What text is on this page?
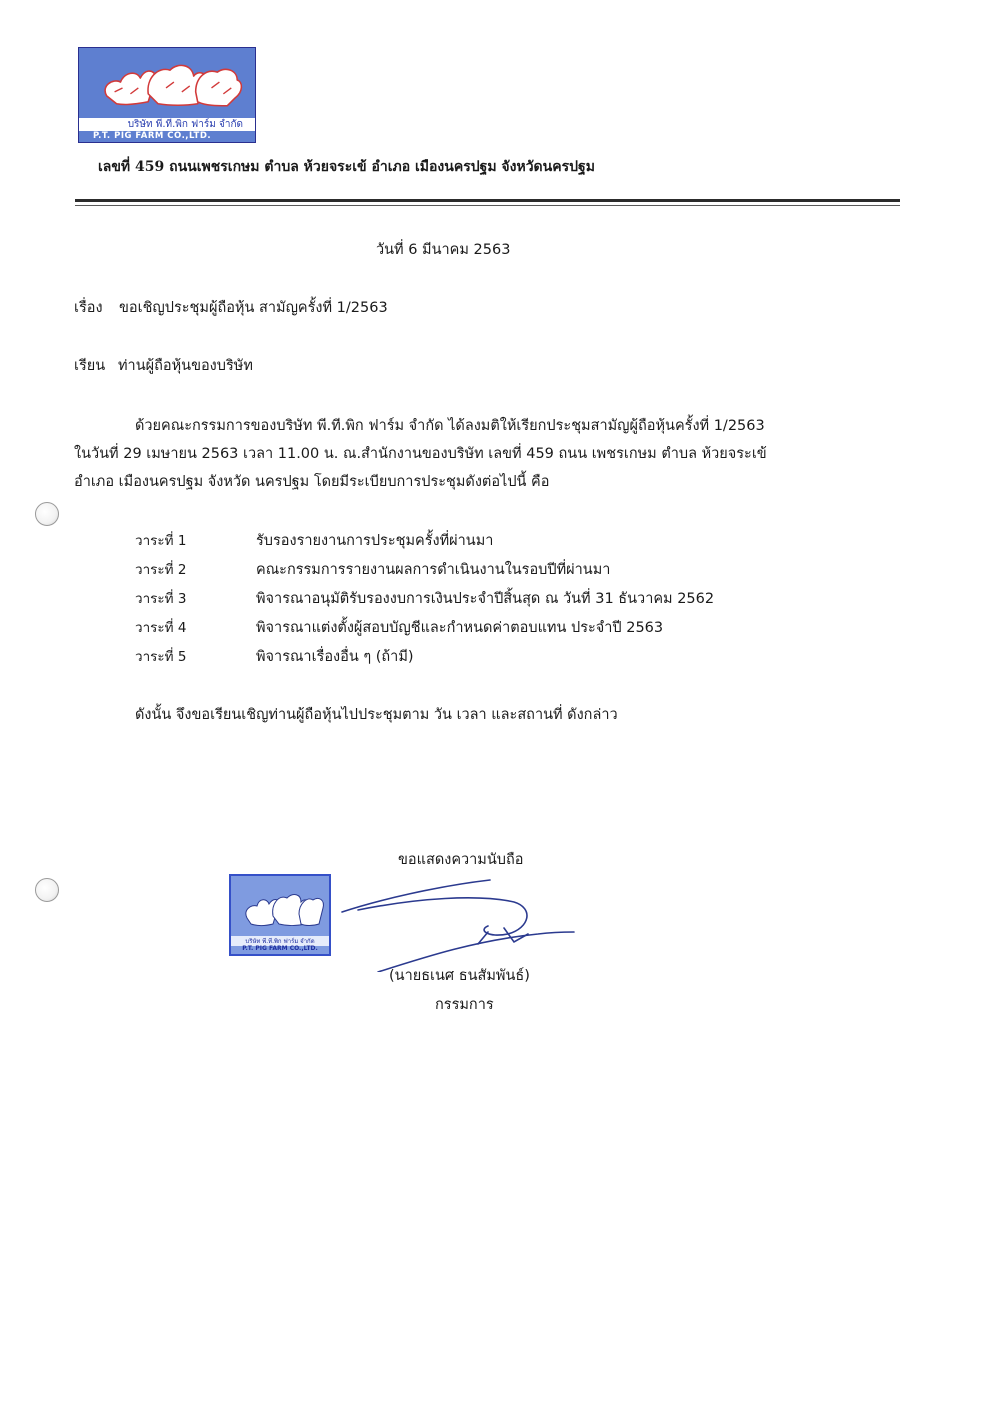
บริษัท พี.ที.พิก ฟาร์ม จำกัด
P.T. PIG FARM CO.,LTD.
เลขที่ 459 ถนนเพชรเกษม ตำบล ห้วยจระเข้ อำเภอ เมืองนครปฐม จังหวัดนครปฐม
วันที่ 6 มีนาคม 2563
เรื่อง ขอเชิญประชุมผู้ถือหุ้น สามัญครั้งที่ 1/2563
เรียน ท่านผู้ถือหุ้นของบริษัท
ด้วยคณะกรรมการของบริษัท พี.ที.พิก ฟาร์ม จำกัด ได้ลงมติให้เรียกประชุมสามัญผู้ถือหุ้นครั้งที่ 1/2563
ในวันที่ 29 เมษายน 2563 เวลา 11.00 น. ณ.สำนักงานของบริษัท เลขที่ 459 ถนน เพชรเกษม ตำบล ห้วยจระเข้
อำเภอ เมืองนครปฐม จังหวัด นครปฐม โดยมีระเบียบการประชุมดังต่อไปนี้ คือ
วาระที่ 1	รับรองรายงานการประชุมครั้งที่ผ่านมา
วาระที่ 2	คณะกรรมการรายงานผลการดำเนินงานในรอบปีที่ผ่านมา
วาระที่ 3	พิจารณาอนุมัติรับรองงบการเงินประจำปีสิ้นสุด ณ วันที่ 31 ธันวาคม 2562
วาระที่ 4	พิจารณาแต่งตั้งผู้สอบบัญชีและกำหนดค่าตอบแทน ประจำปี 2563
วาระที่ 5	พิจารณาเรื่องอื่น ๆ (ถ้ามี)
ดังนั้น จึงขอเรียนเชิญท่านผู้ถือหุ้นไปประชุมตาม วัน เวลา และสถานที่ ดังกล่าว
ขอแสดงความนับถือ
บริษัท พี.ที.พิก ฟาร์ม จำกัด
P.T. PIG FARM CO.,LTD.
(นายธเนศ ธนสัมพันธ์)
กรรมการ
